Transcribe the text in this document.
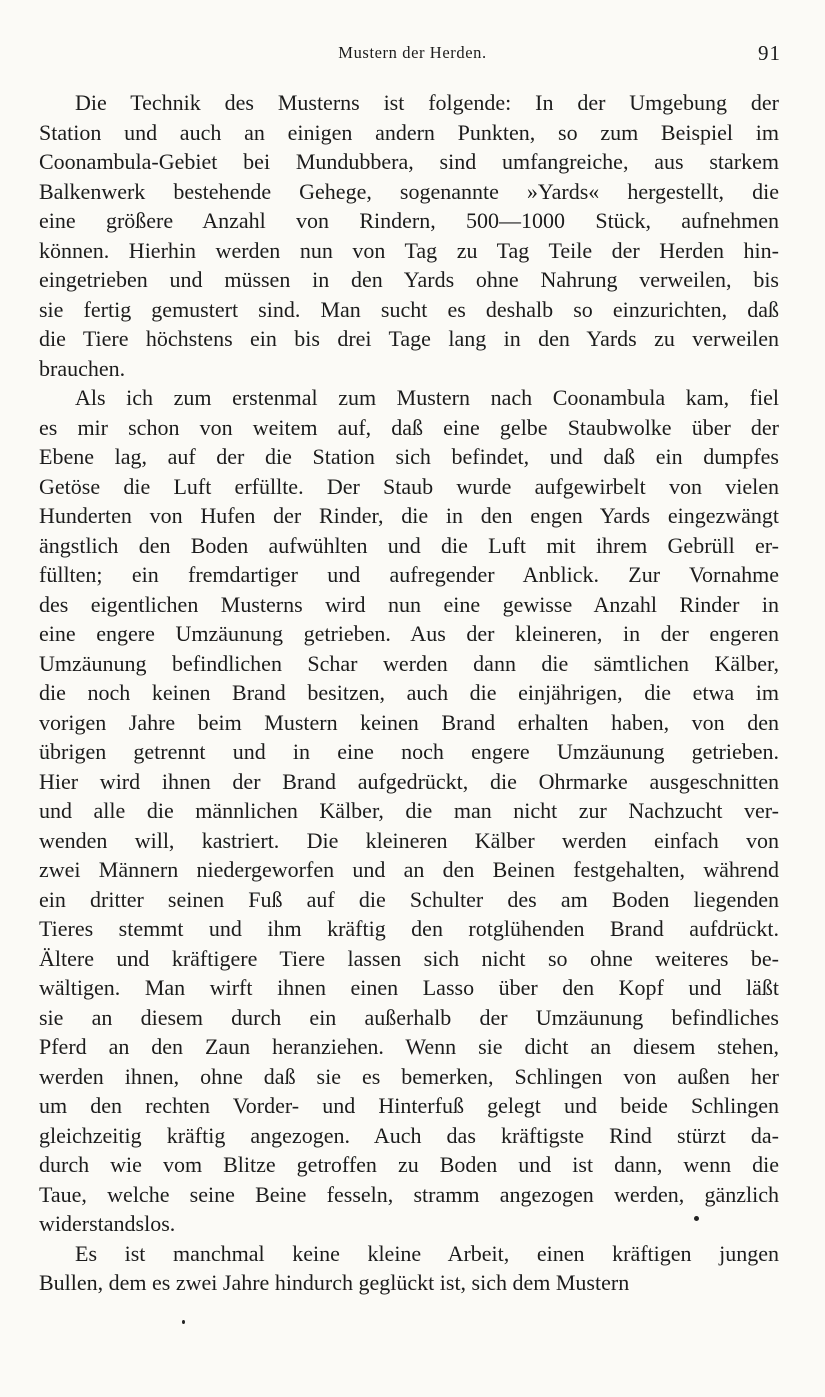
Mustern der Herden.	91
Die Technik des Musterns ist folgende: In der Umgebung der
Station und auch an einigen andern Punkten, so zum Beispiel im
Coonambula-Gebiet bei Mundubbera, sind umfangreiche, aus starkem
Balkenwerk bestehende Gehege, sogenannte »Yards« hergestellt, die
eine größere Anzahl von Rindern, 500—1000 Stück, aufnehmen
können. Hierhin werden nun von Tag zu Tag Teile der Herden hin-
eingetrieben und müssen in den Yards ohne Nahrung verweilen, bis
sie fertig gemustert sind. Man sucht es deshalb so einzurichten, daß
die Tiere höchstens ein bis drei Tage lang in den Yards zu verweilen
brauchen.
Als ich zum erstenmal zum Mustern nach Coonambula kam, fiel
es mir schon von weitem auf, daß eine gelbe Staubwolke über der
Ebene lag, auf der die Station sich befindet, und daß ein dumpfes
Getöse die Luft erfüllte. Der Staub wurde aufgewirbelt von vielen
Hunderten von Hufen der Rinder, die in den engen Yards eingezwängt
ängstlich den Boden aufwühlten und die Luft mit ihrem Gebrüll er-
füllten; ein fremdartiger und aufregender Anblick. Zur Vornahme
des eigentlichen Musterns wird nun eine gewisse Anzahl Rinder in
eine engere Umzäunung getrieben. Aus der kleineren, in der engeren
Umzäunung befindlichen Schar werden dann die sämtlichen Kälber,
die noch keinen Brand besitzen, auch die einjährigen, die etwa im
vorigen Jahre beim Mustern keinen Brand erhalten haben, von den
übrigen getrennt und in eine noch engere Umzäunung getrieben.
Hier wird ihnen der Brand aufgedrückt, die Ohrmarke ausgeschnitten
und alle die männlichen Kälber, die man nicht zur Nachzucht ver-
wenden will, kastriert. Die kleineren Kälber werden einfach von
zwei Männern niedergeworfen und an den Beinen festgehalten, während
ein dritter seinen Fuß auf die Schulter des am Boden liegenden
Tieres stemmt und ihm kräftig den rotglühenden Brand aufdrückt.
Ältere und kräftigere Tiere lassen sich nicht so ohne weiteres be-
wältigen. Man wirft ihnen einen Lasso über den Kopf und läßt
sie an diesem durch ein außerhalb der Umzäunung befindliches
Pferd an den Zaun heranziehen. Wenn sie dicht an diesem stehen,
werden ihnen, ohne daß sie es bemerken, Schlingen von außen her
um den rechten Vorder- und Hinterfuß gelegt und beide Schlingen
gleichzeitig kräftig angezogen. Auch das kräftigste Rind stürzt da-
durch wie vom Blitze getroffen zu Boden und ist dann, wenn die
Taue, welche seine Beine fesseln, stramm angezogen werden, gänzlich
widerstandslos.
Es ist manchmal keine kleine Arbeit, einen kräftigen jungen
Bullen, dem es zwei Jahre hindurch geglückt ist, sich dem Mustern
